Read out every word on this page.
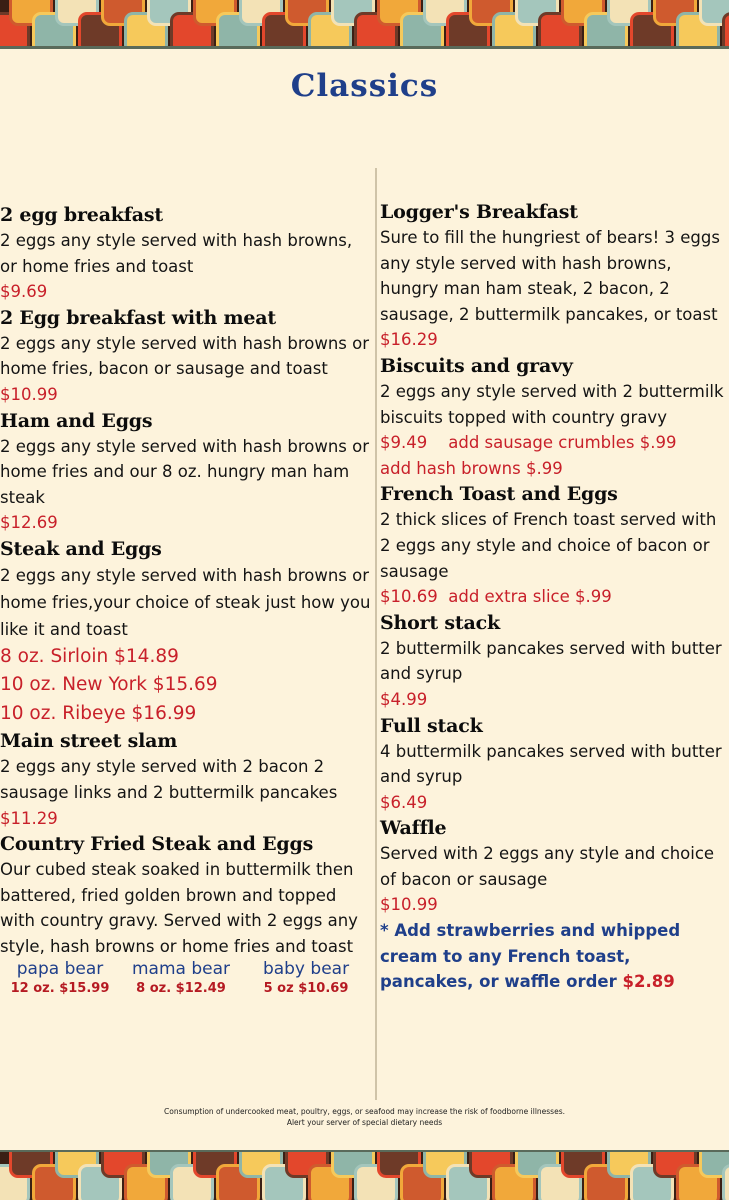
Classics
2 egg breakfast
2 eggs any style served with hash browns, or home fries and toast
$9.69
2 Egg breakfast with meat
2 eggs any style served with hash browns or home fries, bacon or sausage and toast
$10.99
Ham and Eggs
2 eggs any style served with hash browns or home fries and our 8 oz. hungry man ham steak
$12.69
Steak and Eggs
2 eggs any style served with hash browns or home fries,your choice of steak just how you like it and toast
8 oz. Sirloin $14.89
10 oz. New York $15.69
10 oz. Ribeye $16.99
Main street slam
2 eggs any style served with 2 bacon 2 sausage links and 2 buttermilk pancakes
$11.29
Country Fried Steak and Eggs
Our cubed steak soaked in buttermilk then battered, fried golden brown and topped with country gravy. Served with 2 eggs any style, hash browns or home fries and toast
papa bear
12 oz. $15.99
mama bear
8 oz. $12.49
baby bear
5 oz $10.69
Logger's Breakfast
Sure to fill the hungriest of bears! 3 eggs any style served with hash browns, hungry man ham steak, 2 bacon, 2 sausage, 2 buttermilk pancakes, or toast
$16.29
Biscuits and gravy
2 eggs any style served with 2 buttermilk biscuits topped with country gravy
$9.49 add sausage crumbles $.99
add hash browns $.99
French Toast and Eggs
2 thick slices of French toast served with 2 eggs any style and choice of bacon or sausage
$10.69 add extra slice $.99
Short stack
2 buttermilk pancakes served with butter and syrup
$4.99
Full stack
4 buttermilk pancakes served with butter and syrup
$6.49
Waffle
Served with 2 eggs any style and choice of bacon or sausage
$10.99
* Add strawberries and whipped cream to any French toast, pancakes, or waffle order $2.89
Consumption of undercooked meat, poultry, eggs, or seafood may increase the risk of foodborne illnesses.
Alert your server of special dietary needs
